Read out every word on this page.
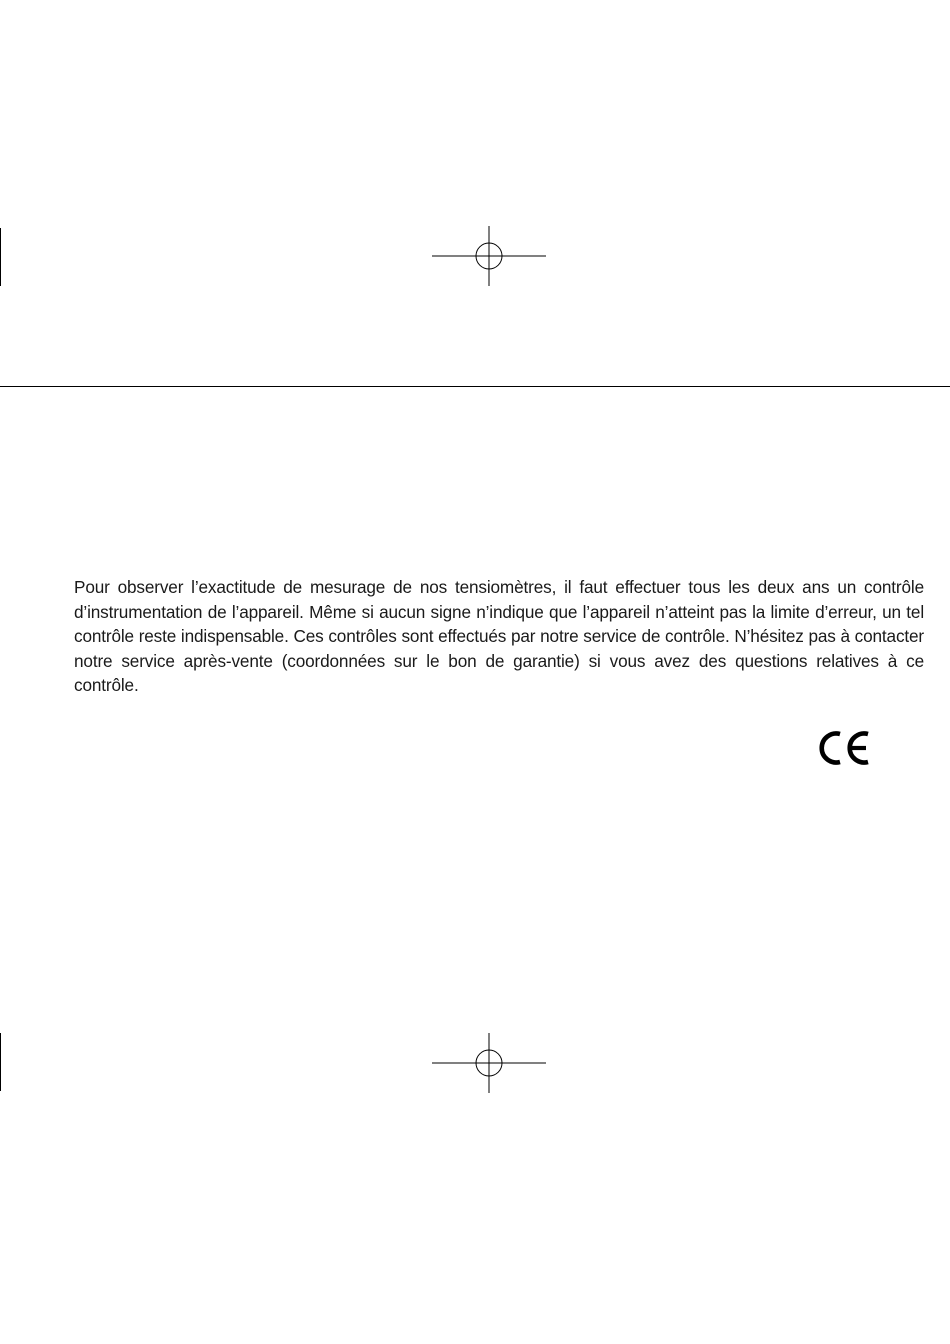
Pour observer l’exactitude de mesurage de nos tensiomètres, il faut effectuer tous les deux ans un contrôle d’instrumentation de l’appareil. Même si aucun signe n’indique que l’appareil n’atteint pas la limite d’erreur, un tel contrôle reste indispensable. Ces contrôles sont effectués par notre service de contrôle. N’hésitez pas à contacter notre service après-vente (coordonnées sur le bon de garantie) si vous avez des questions relatives à ce contrôle.
